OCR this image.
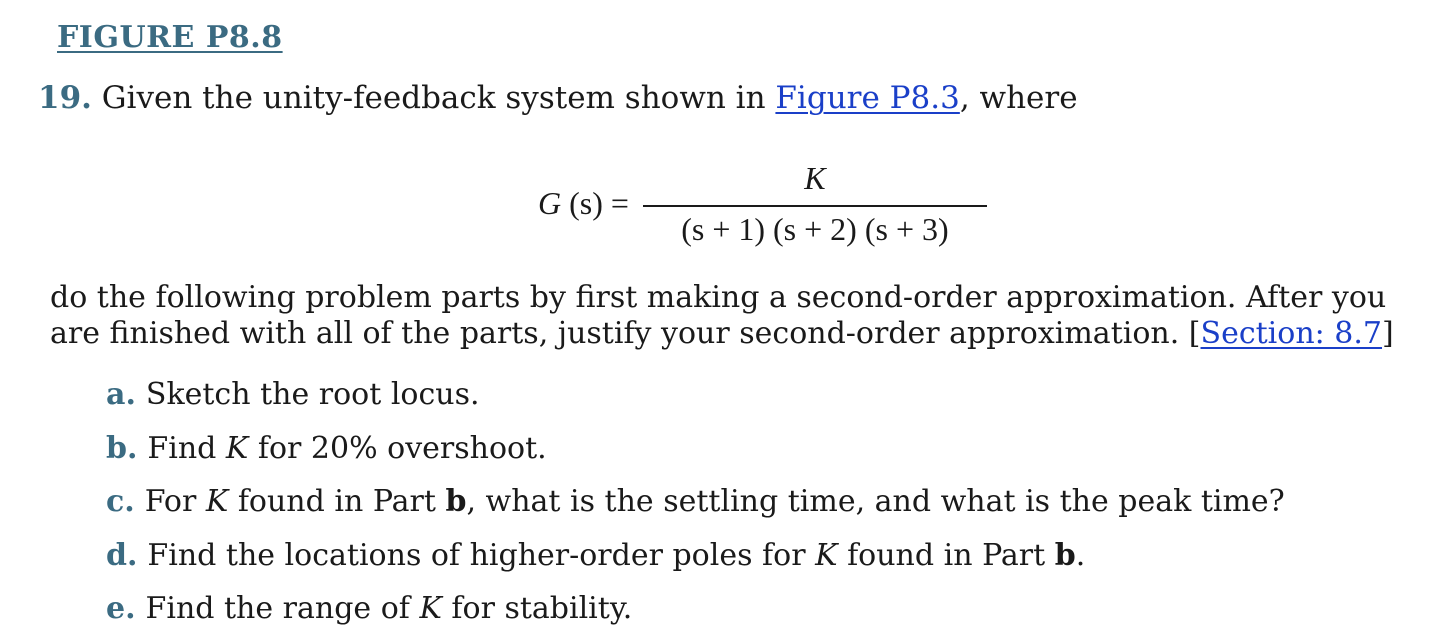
FIGURE P8.8
19. Given the unity-feedback system shown in Figure P8.3, where
G $(s) = \frac{K}{(s + 1) (s + 2) (s + 3)}$
do the following problem parts by first making a second-order approximation. After you are finished with all of the parts, justify your second-order approximation. [Section: 8.7]
a. Sketch the root locus.
b. Find
K
for 20% overshoot.
c. For
K
found in Part
b , what is the settling time, and what is the peak time?
d. Find the locations of higher-order poles for
K
found in Part
b .
e. Find the range of
K
for stability.
